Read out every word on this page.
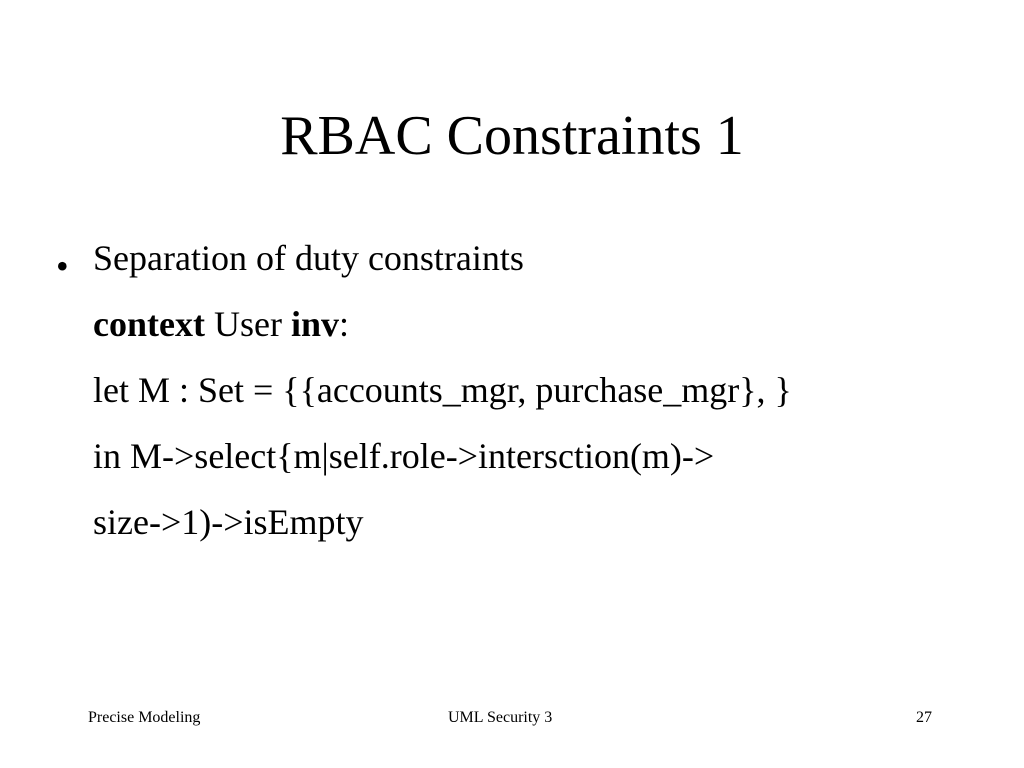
RBAC Constraints 1
• Separation of duty constraints
context User inv:
let M : Set = {{accounts_mgr, purchase_mgr}, }
in M->select{m|self.role->intersction(m)->
size->1)->isEmpty
Precise Modeling	UML Security 3	27
